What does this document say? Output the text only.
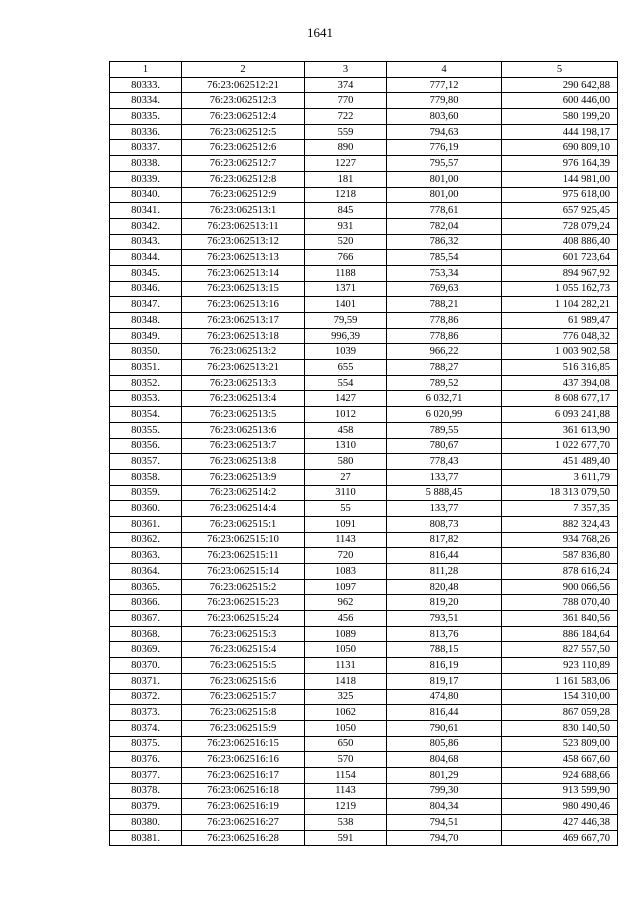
1641
1	2	3	4	5
80333.	76:23:062512:21	374	777,12	290 642,88
80334.	76:23:062512:3	770	779,80	600 446,00
80335.	76:23:062512:4	722	803,60	580 199,20
80336.	76:23:062512:5	559	794,63	444 198,17
80337.	76:23:062512:6	890	776,19	690 809,10
80338.	76:23:062512:7	1227	795,57	976 164,39
80339.	76:23:062512:8	181	801,00	144 981,00
80340.	76:23:062512:9	1218	801,00	975 618,00
80341.	76:23:062513:1	845	778,61	657 925,45
80342.	76:23:062513:11	931	782,04	728 079,24
80343.	76:23:062513:12	520	786,32	408 886,40
80344.	76:23:062513:13	766	785,54	601 723,64
80345.	76:23:062513:14	1188	753,34	894 967,92
80346.	76:23:062513:15	1371	769,63	1 055 162,73
80347.	76:23:062513:16	1401	788,21	1 104 282,21
80348.	76:23:062513:17	79,59	778,86	61 989,47
80349.	76:23:062513:18	996,39	778,86	776 048,32
80350.	76:23:062513:2	1039	966,22	1 003 902,58
80351.	76:23:062513:21	655	788,27	516 316,85
80352.	76:23:062513:3	554	789,52	437 394,08
80353.	76:23:062513:4	1427	6 032,71	8 608 677,17
80354.	76:23:062513:5	1012	6 020,99	6 093 241,88
80355.	76:23:062513:6	458	789,55	361 613,90
80356.	76:23:062513:7	1310	780,67	1 022 677,70
80357.	76:23:062513:8	580	778,43	451 489,40
80358.	76:23:062513:9	27	133,77	3 611,79
80359.	76:23:062514:2	3110	5 888,45	18 313 079,50
80360.	76:23:062514:4	55	133,77	7 357,35
80361.	76:23:062515:1	1091	808,73	882 324,43
80362.	76:23:062515:10	1143	817,82	934 768,26
80363.	76:23:062515:11	720	816,44	587 836,80
80364.	76:23:062515:14	1083	811,28	878 616,24
80365.	76:23:062515:2	1097	820,48	900 066,56
80366.	76:23:062515:23	962	819,20	788 070,40
80367.	76:23:062515:24	456	793,51	361 840,56
80368.	76:23:062515:3	1089	813,76	886 184,64
80369.	76:23:062515:4	1050	788,15	827 557,50
80370.	76:23:062515:5	1131	816,19	923 110,89
80371.	76:23:062515:6	1418	819,17	1 161 583,06
80372.	76:23:062515:7	325	474,80	154 310,00
80373.	76:23:062515:8	1062	816,44	867 059,28
80374.	76:23:062515:9	1050	790,61	830 140,50
80375.	76:23:062516:15	650	805,86	523 809,00
80376.	76:23:062516:16	570	804,68	458 667,60
80377.	76:23:062516:17	1154	801,29	924 688,66
80378.	76:23:062516:18	1143	799,30	913 599,90
80379.	76:23:062516:19	1219	804,34	980 490,46
80380.	76:23:062516:27	538	794,51	427 446,38
80381.	76:23:062516:28	591	794,70	469 667,70
